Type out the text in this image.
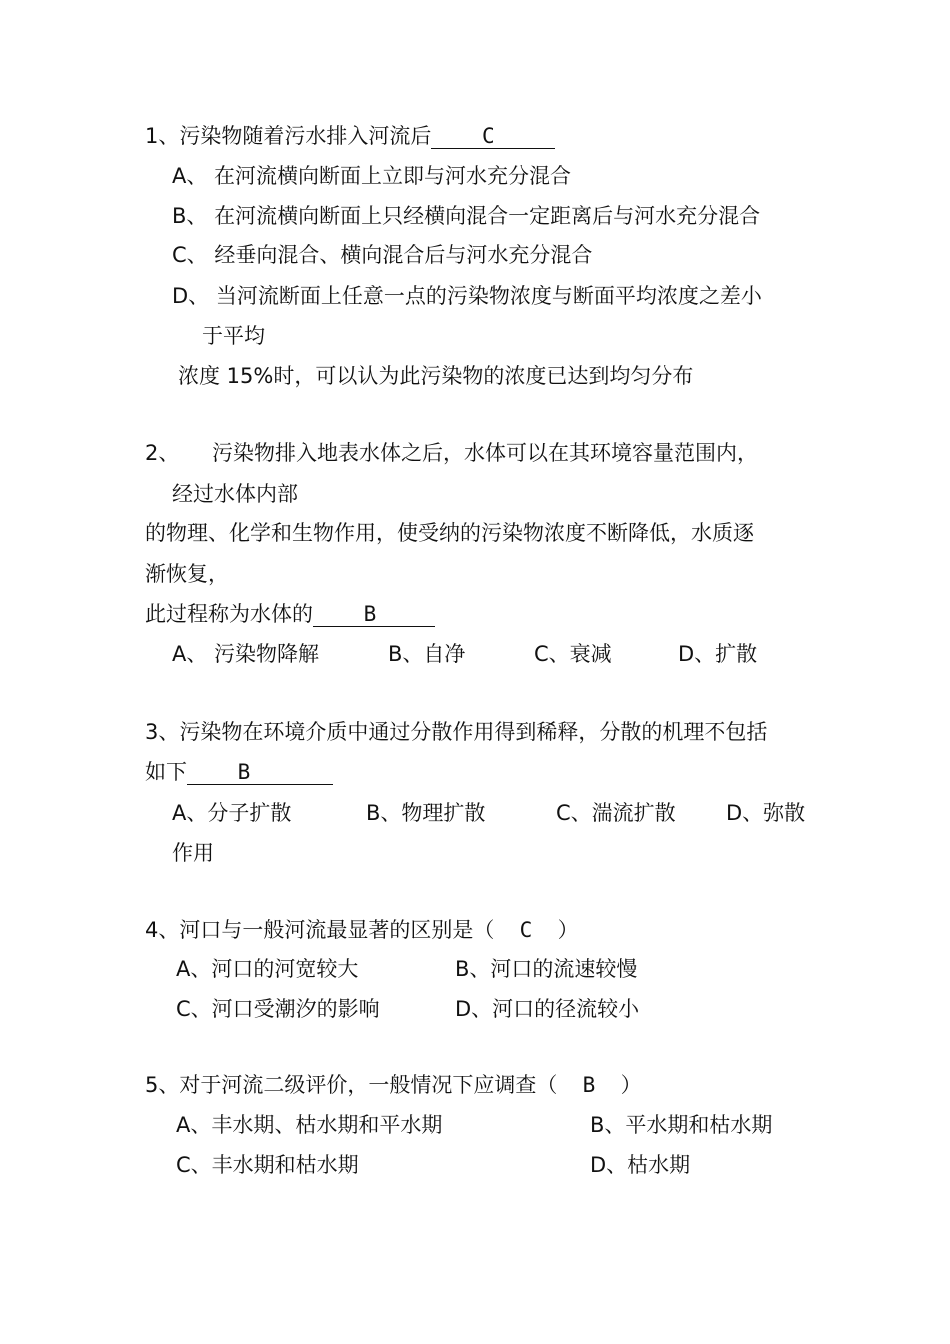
1、污染物随着污水排入河流后 C
A、 在河流横向断面上立即与河水充分混合
B、 在河流横向断面上只经横向混合一定距离后与河水充分混合
C、 经垂向混合、横向混合后与河水充分混合
D、 当河流断面上任意一点的污染物浓度与断面平均浓度之差小
于平均
浓度 15%时，可以认为此污染物的浓度已达到均匀分布
2、 污染物排入地表水体之后，水体可以在其环境容量范围内，
经过水体内部
的物理、化学和生物作用，使受纳的污染物浓度不断降低，水质逐
渐恢复，
此过程称为水体的 B
A、 污染物降解	B、自净	C、衰减	D、扩散
3、污染物在环境介质中通过分散作用得到稀释，分散的机理不包括
如下 B
A、分子扩散	B、物理扩散	C、湍流扩散 D、弥散
作用
4、河口与一般河流最显著的区别是（ C ）
A、河口的河宽较大	B、河口的流速较慢
C、河口受潮汐的影响	D、河口的径流较小
5、对于河流二级评价，一般情况下应调查（ B ）
A、丰水期、枯水期和平水期	B、平水期和枯水期
C、丰水期和枯水期	D、枯水期
